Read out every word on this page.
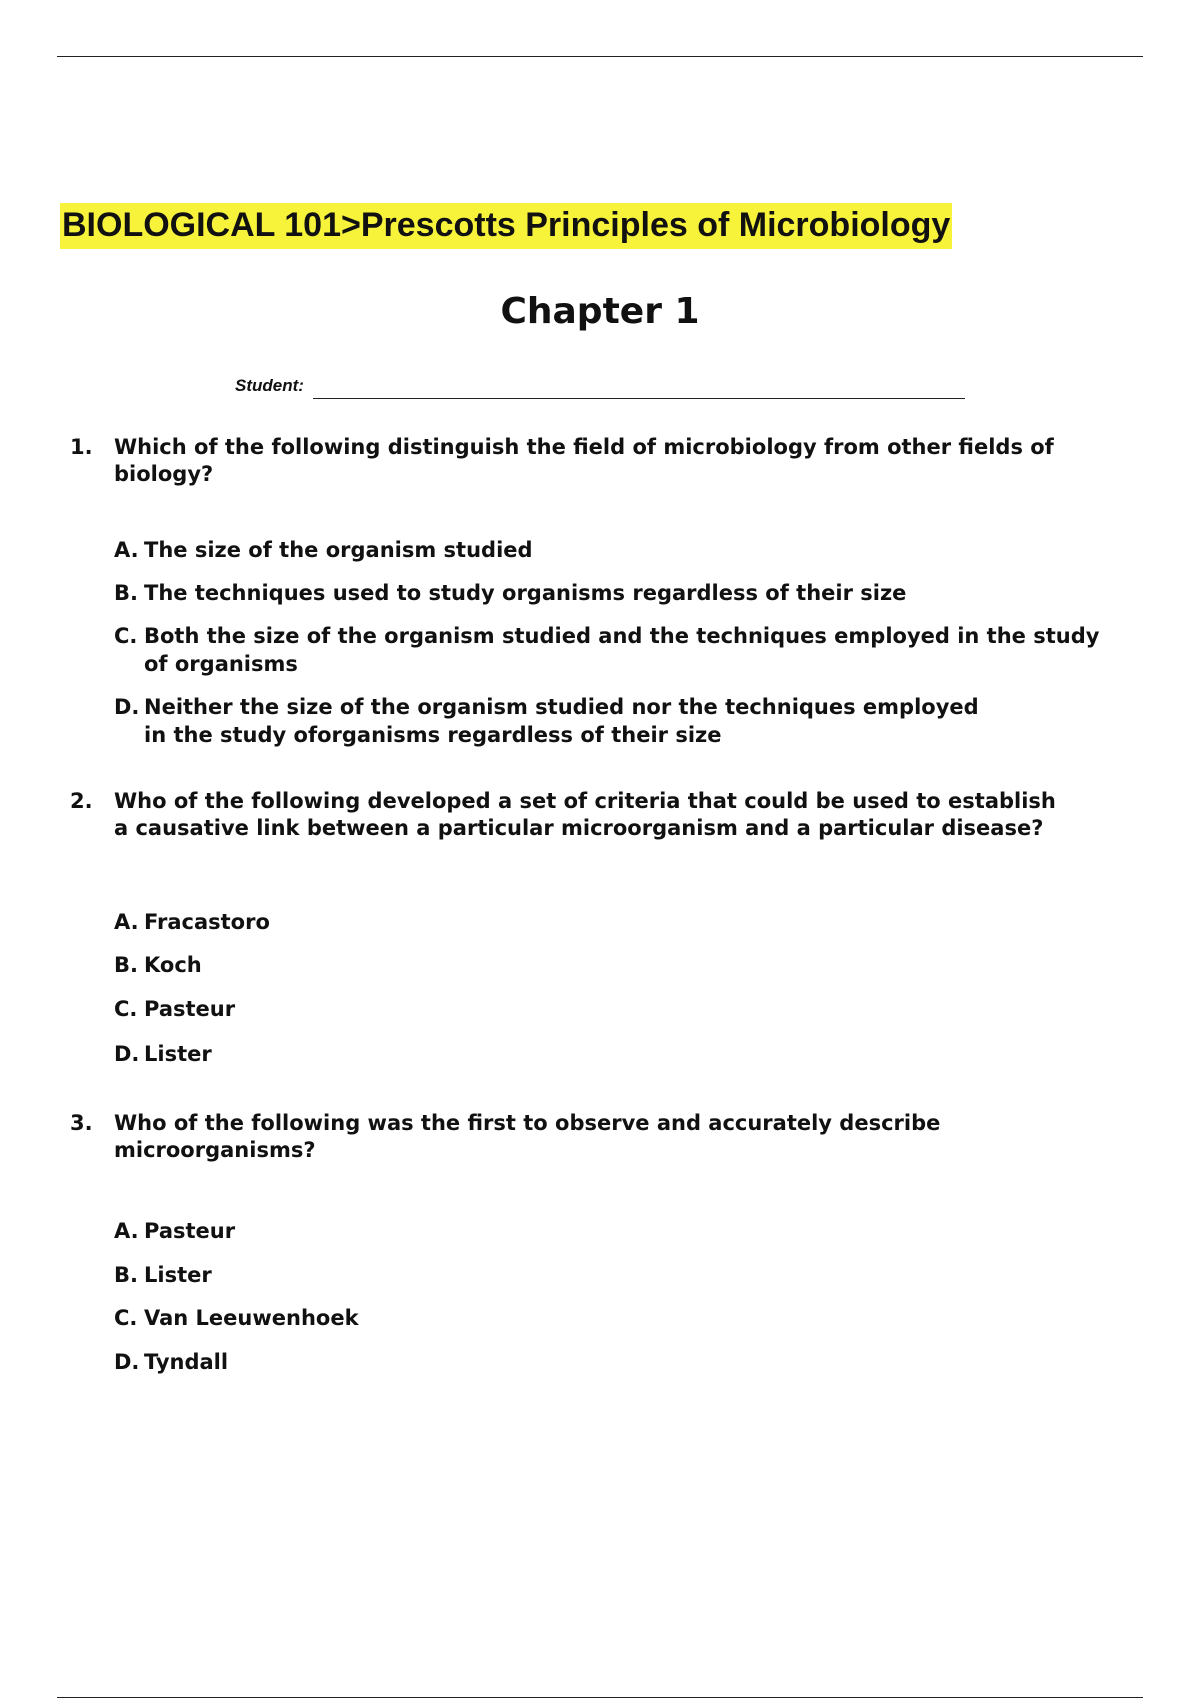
BIOLOGICAL 101>Prescotts Principles of Microbiology
Chapter 1
Student:
1. Which of the following distinguish the field of microbiology from other fields of biology?
A. The size of the organism studied
B. The techniques used to study organisms regardless of their size
C. Both the size of the organism studied and the techniques employed in the study of organisms
D. Neither the size of the organism studied nor the techniques employed in the study oforganisms regardless of their size
2. Who of the following developed a set of criteria that could be used to establish a causative link between a particular microorganism and a particular disease?
A. Fracastoro
B. Koch
C. Pasteur
D. Lister
3. Who of the following was the first to observe and accurately describe microorganisms?
A. Pasteur
B. Lister
C. Van Leeuwenhoek
D. Tyndall
